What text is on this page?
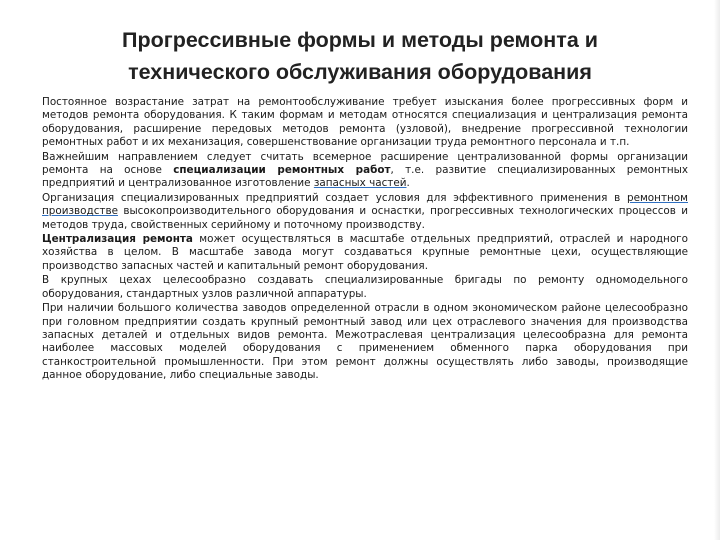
Прогрессивные формы и методы ремонта и
технического обслуживания оборудования

Постоянное возрастание затрат на ремонтообслуживание требует изыскания более прогрессивных форм и методов ремонта оборудования. К таким формам и методам относятся специализация и централизация ремонта оборудования, расширение передовых методов ремонта (узловой), внедрение прогрессивной технологии ремонтных работ и их механизация, совершенствование организации труда ремонтного персонала и т.п.

Важнейшим направлением следует считать всемерное расширение централизованной формы организации ремонта на основе специализации ремонтных работ, т.е. развитие специализированных ремонтных предприятий и централизованное изготовление запасных частей.

Организация специализированных предприятий создает условия для эффективного применения в ремонтном производстве высокопроизводительного оборудования и оснастки, прогрессивных технологических процессов и методов труда, свойственных серийному и поточному производству.

Централизация ремонта может осуществляться в масштабе отдельных предприятий, отраслей и народного хозяйства в целом. В масштабе завода могут создаваться крупные ремонтные цехи, осуществляющие производство запасных частей и капитальный ремонт оборудования.

В крупных цехах целесообразно создавать специализированные бригады по ремонту одномодельного оборудования, стандартных узлов различной аппаратуры.

При наличии большого количества заводов определенной отрасли в одном экономическом районе целесообразно при головном предприятии создать крупный ремонтный завод или цех отраслевого значения для производства запасных деталей и отдельных видов ремонта. Межотраслевая централизация целесообразна для ремонта наиболее массовых моделей оборудования с применением обменного парка оборудования при станкостроительной промышленности. При этом ремонт должны осуществлять либо заводы, производящие данное оборудование, либо специальные заводы.
